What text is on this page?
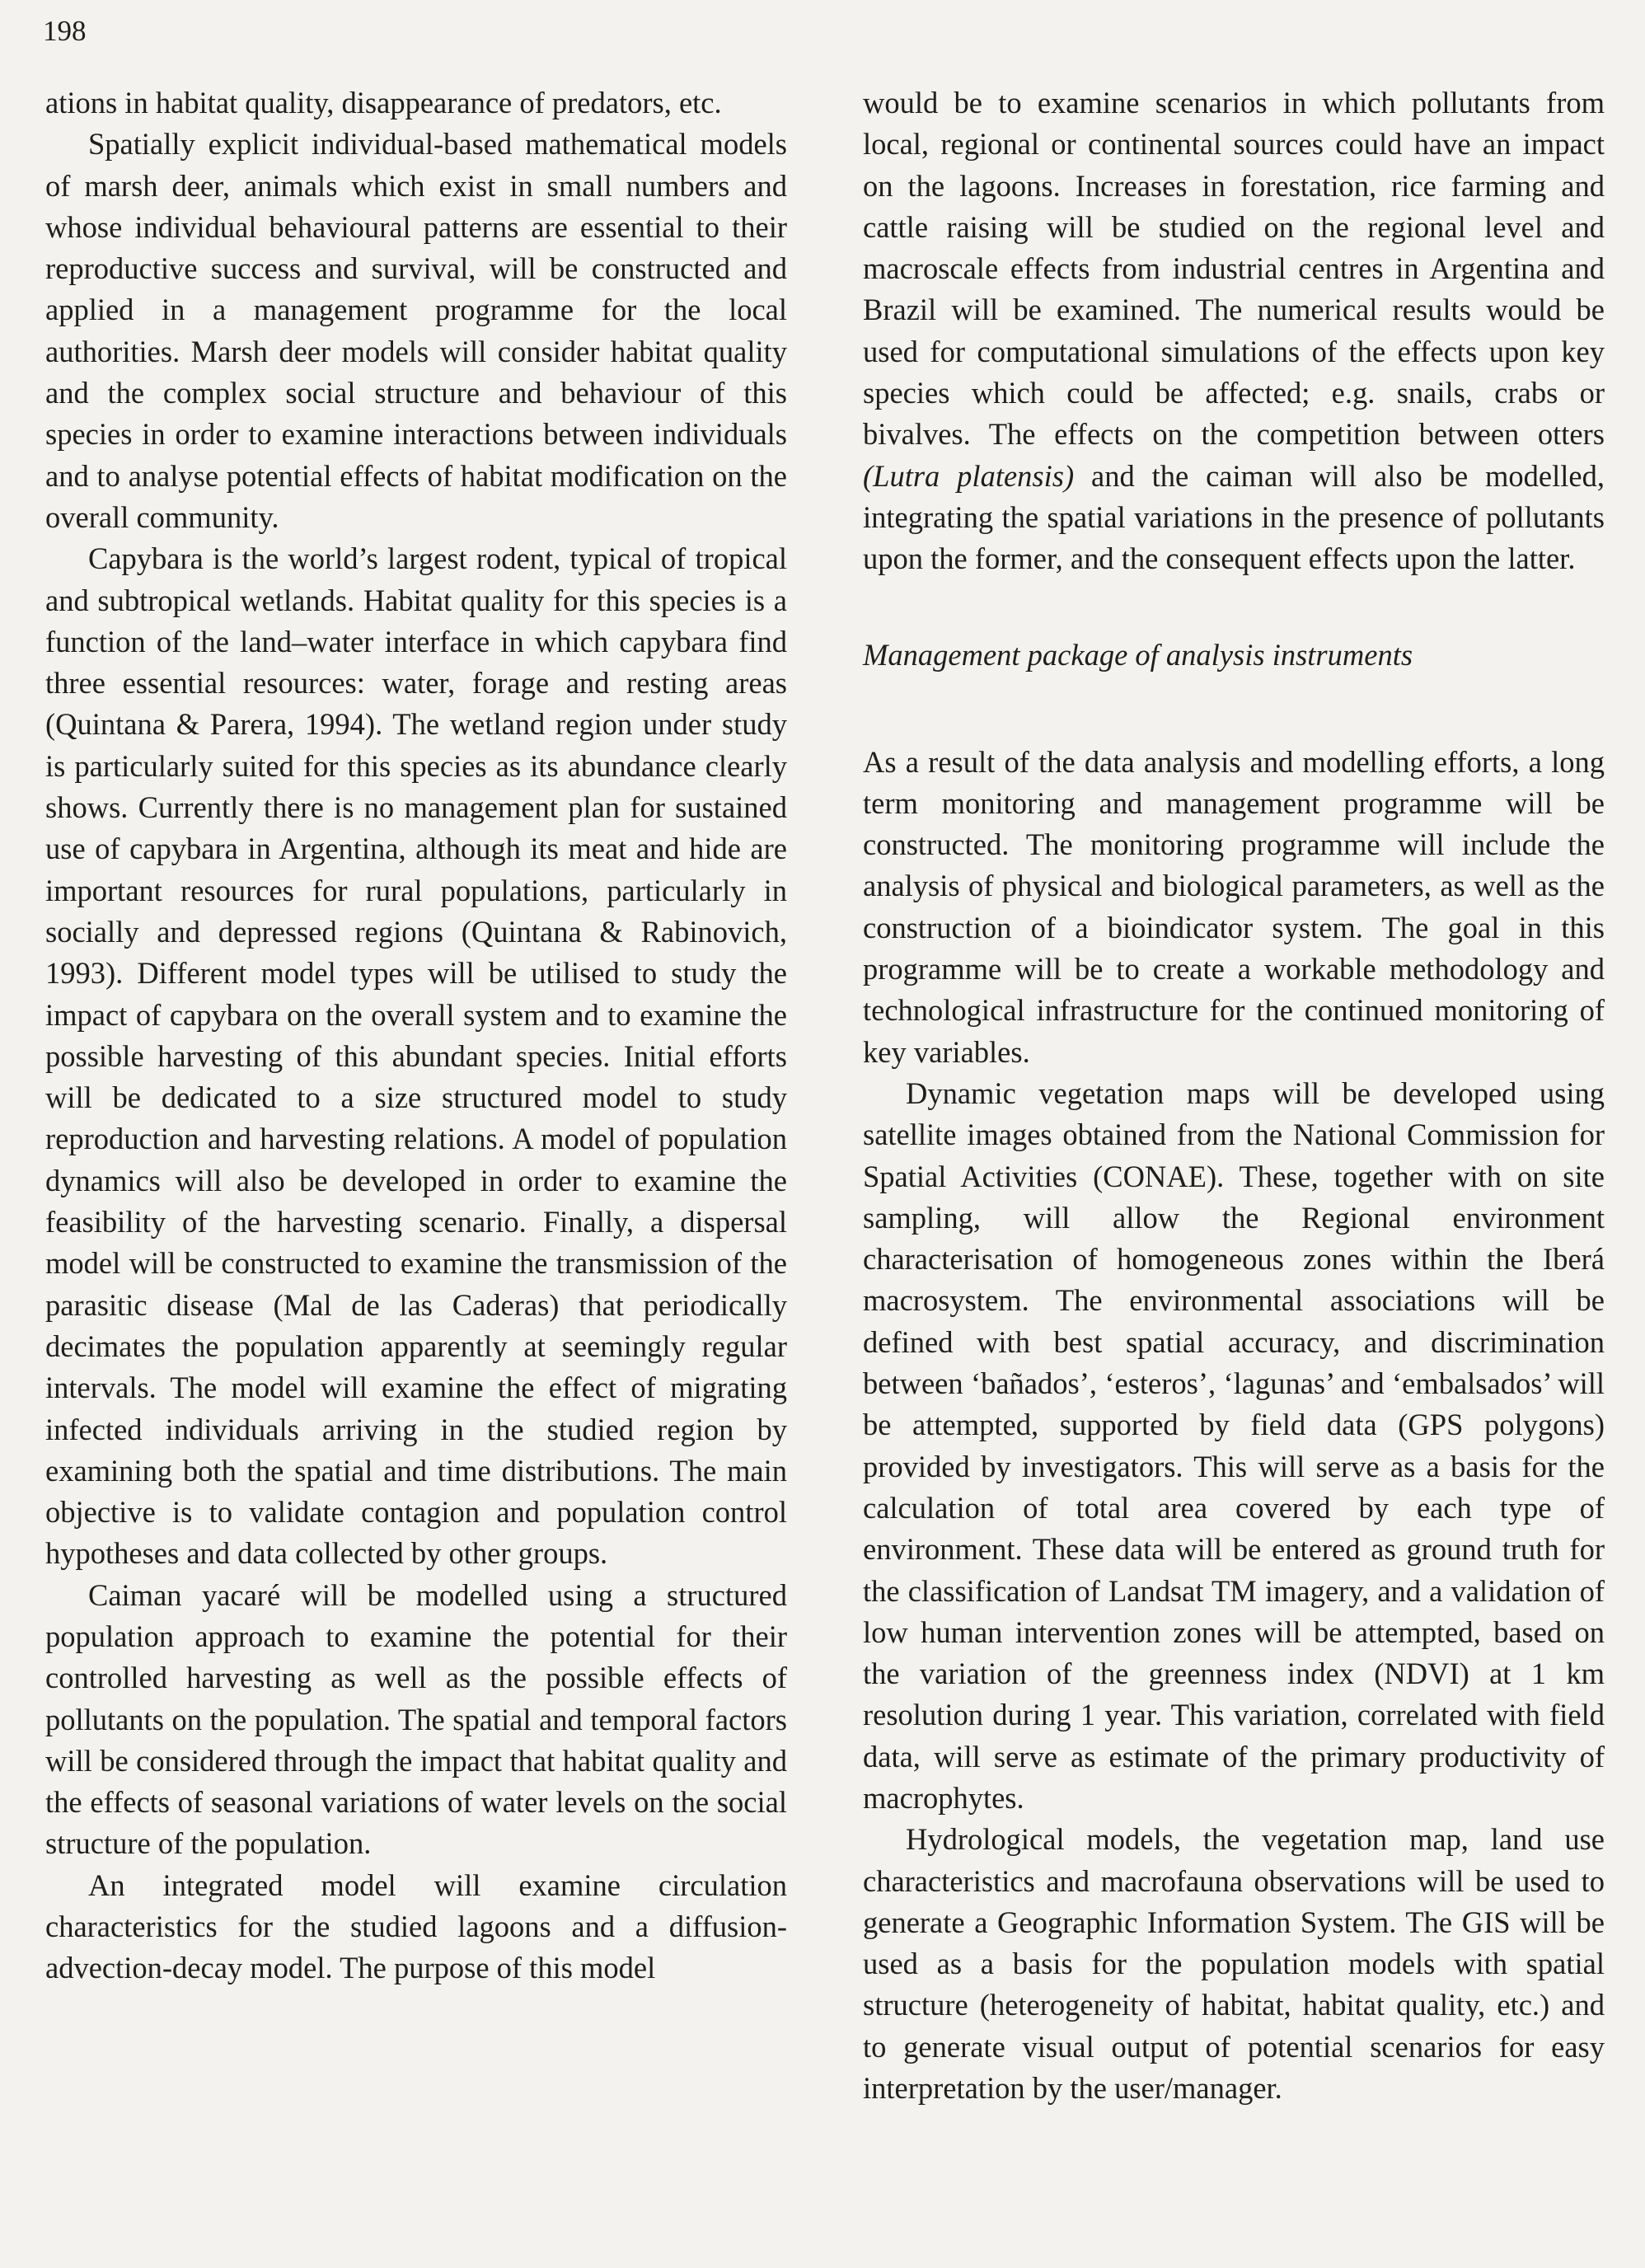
198

ations in habitat quality, disappearance of predators, etc.

Spatially explicit individual-based mathematical models of marsh deer, animals which exist in small numbers and whose individual behavioural patterns are essential to their reproductive success and survival, will be constructed and applied in a management programme for the local authorities. Marsh deer models will consider habitat quality and the complex social structure and behaviour of this species in order to examine interactions between individuals and to analyse potential effects of habitat modification on the overall community.

Capybara is the world’s largest rodent, typical of tropical and subtropical wetlands. Habitat quality for this species is a function of the land–water interface in which capybara find three essential resources: water, forage and resting areas (Quintana & Parera, 1994). The wetland region under study is particularly suited for this species as its abundance clearly shows. Currently there is no management plan for sustained use of capybara in Argentina, although its meat and hide are important resources for rural populations, particularly in socially and depressed regions (Quintana & Rabinovich, 1993). Different model types will be utilised to study the impact of capybara on the overall system and to examine the possible harvesting of this abundant species. Initial efforts will be dedicated to a size structured model to study reproduction and harvesting relations. A model of population dynamics will also be developed in order to examine the feasibility of the harvesting scenario. Finally, a dispersal model will be constructed to examine the transmission of the parasitic disease (Mal de las Caderas) that periodically decimates the population apparently at seemingly regular intervals. The model will examine the effect of migrating infected individuals arriving in the studied region by examining both the spatial and time distributions. The main objective is to validate contagion and population control hypotheses and data collected by other groups.

Caiman yacaré will be modelled using a structured population approach to examine the potential for their controlled harvesting as well as the possible effects of pollutants on the population. The spatial and temporal factors will be considered through the impact that habitat quality and the effects of seasonal variations of water levels on the social structure of the population.

An integrated model will examine circulation characteristics for the studied lagoons and a diffusion-advection-decay model. The purpose of this model

would be to examine scenarios in which pollutants from local, regional or continental sources could have an impact on the lagoons. Increases in forestation, rice farming and cattle raising will be studied on the regional level and macroscale effects from industrial centres in Argentina and Brazil will be examined. The numerical results would be used for computational simulations of the effects upon key species which could be affected; e.g. snails, crabs or bivalves. The effects on the competition between otters (Lutra platensis) and the caiman will also be modelled, integrating the spatial variations in the presence of pollutants upon the former, and the consequent effects upon the latter.

Management package of analysis instruments

As a result of the data analysis and modelling efforts, a long term monitoring and management programme will be constructed. The monitoring programme will include the analysis of physical and biological parameters, as well as the construction of a bioindicator system. The goal in this programme will be to create a workable methodology and technological infrastructure for the continued monitoring of key variables.

Dynamic vegetation maps will be developed using satellite images obtained from the National Commission for Spatial Activities (CONAE). These, together with on site sampling, will allow the Regional environment characterisation of homogeneous zones within the Iberá macrosystem. The environmental associations will be defined with best spatial accuracy, and discrimination between ‘bañados’, ‘esteros’, ‘lagunas’ and ‘embalsados’ will be attempted, supported by field data (GPS polygons) provided by investigators. This will serve as a basis for the calculation of total area covered by each type of environment. These data will be entered as ground truth for the classification of Landsat TM imagery, and a validation of low human intervention zones will be attempted, based on the variation of the greenness index (NDVI) at 1 km resolution during 1 year. This variation, correlated with field data, will serve as estimate of the primary productivity of macrophytes.

Hydrological models, the vegetation map, land use characteristics and macrofauna observations will be used to generate a Geographic Information System. The GIS will be used as a basis for the population models with spatial structure (heterogeneity of habitat, habitat quality, etc.) and to generate visual output of potential scenarios for easy interpretation by the user/manager.
